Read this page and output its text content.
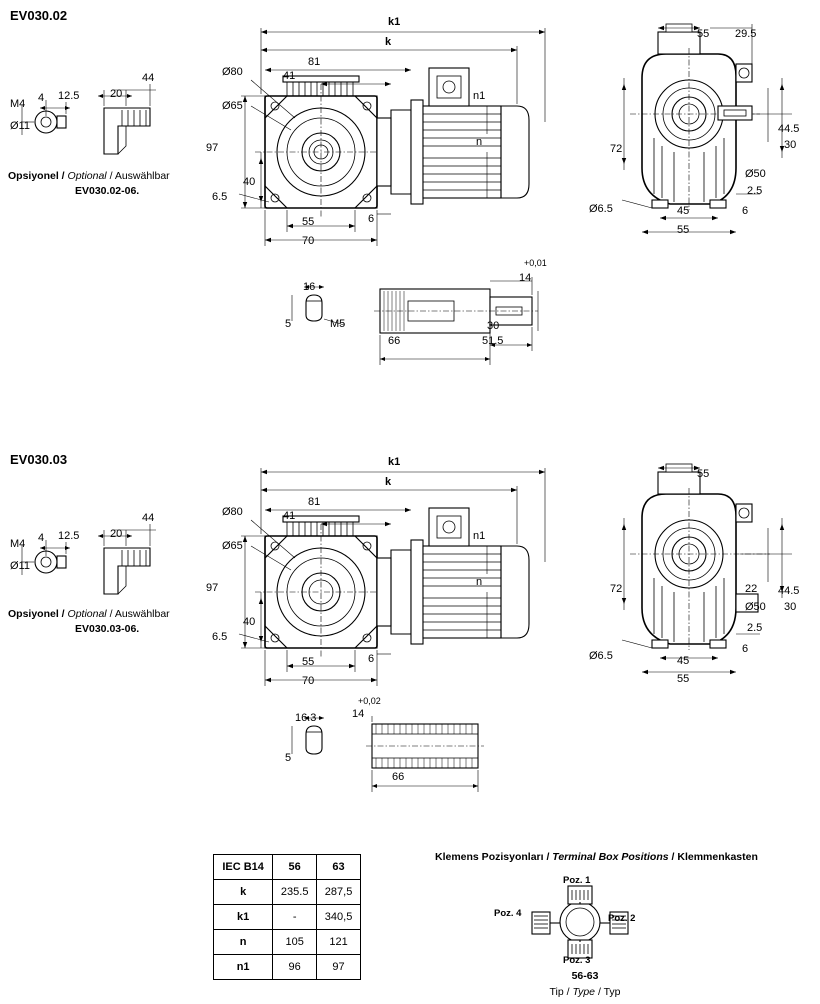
EV030.02
M4 4 12.5
Ø11
20
44
Opsiyonel / Optional / Auswählbar
EV030.02-06.
k1
k
81
41
Ø80
Ø65
97
40
6.5
55
70
6
n1
n
55 29.5
44.5
30
Ø50
2.5
6
72
Ø6.5	45
55
16
5	M5
+0,01
14
30
51.5
66
EV030.03
M4 4 12.5
Ø11
20
44
Opsiyonel / Optional / Auswählbar
EV030.03-06.
k1
k
81
41
Ø80
Ø65
97
40
6.5
55
70
6
n1
n
55
44.5
30
22
Ø50
2.5
6
72
Ø6.5	45
55
16.3
5
+0,02
14
66
IEC B14	56	63
k	235.5	287,5
k1	-	340,5
n	105	121
n1	96	97
Klemens Pozisyonları / Terminal Box Positions / Klemmenkasten
Poz. 1
Poz. 2
Poz. 3
Poz. 4
56-63
Tip / Type / Typ
